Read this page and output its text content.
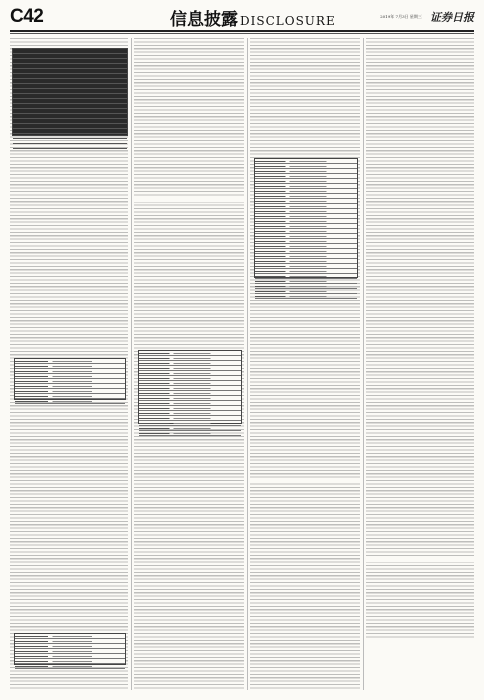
C42	信息披露 DISCLOSURE	2019年 7月3日 星期三 证券日报
